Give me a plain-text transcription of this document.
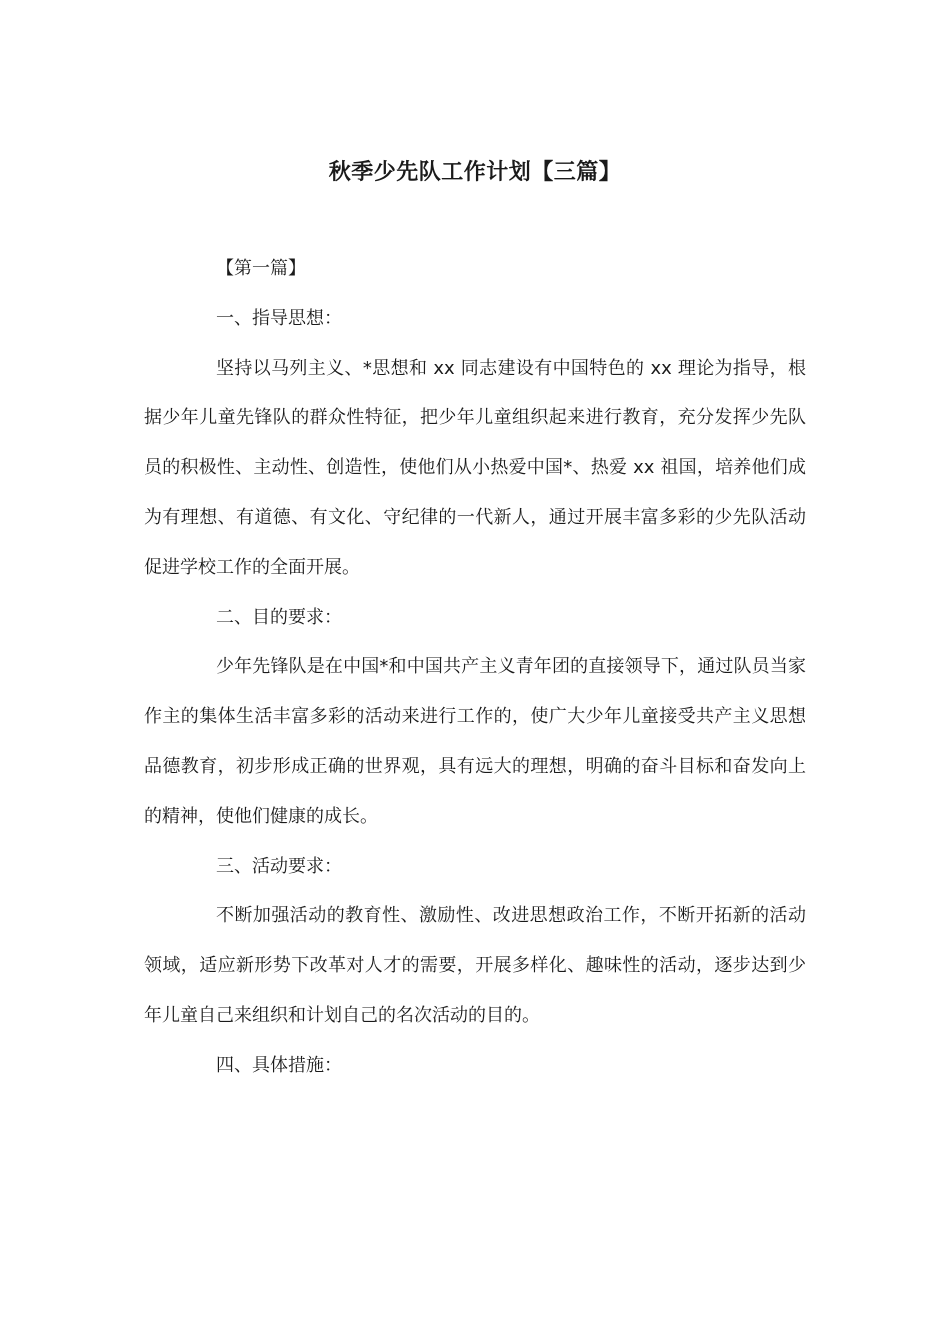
秋季少先队工作计划【三篇】

【第一篇】

一、指导思想：

坚持以马列主义、*思想和 xx 同志建设有中国特色的 xx 理论为指导，根据少年儿童先锋队的群众性特征，把少年儿童组织起来进行教育，充分发挥少先队员的积极性、主动性、创造性，使他们从小热爱中国*、热爱 xx 祖国，培养他们成为有理想、有道德、有文化、守纪律的一代新人，通过开展丰富多彩的少先队活动促进学校工作的全面开展。

二、目的要求：

少年先锋队是在中国*和中国共产主义青年团的直接领导下，通过队员当家作主的集体生活丰富多彩的活动来进行工作的，使广大少年儿童接受共产主义思想品德教育，初步形成正确的世界观，具有远大的理想，明确的奋斗目标和奋发向上的精神，使他们健康的成长。

三、活动要求：

不断加强活动的教育性、激励性、改进思想政治工作，不断开拓新的活动领域，适应新形势下改革对人才的需要，开展多样化、趣味性的活动，逐步达到少年儿童自己来组织和计划自己的名次活动的目的。

四、具体措施：
